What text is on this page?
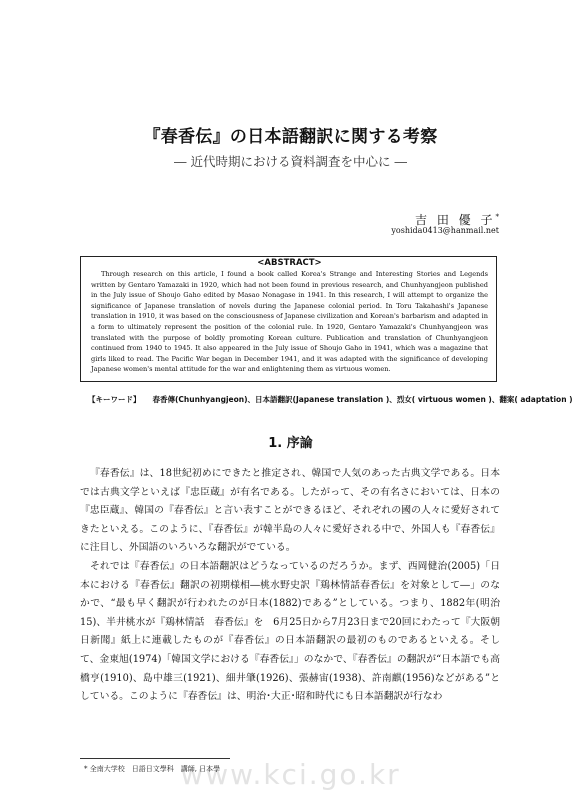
『春香伝』の日本語翻訳に関する考察
― 近代時期における資料調査を中心に ―
吉 田 優 子*
yoshida0413@hanmail.net
<ABSTRACT>

Through research on this article, I found a book called Korea's Strange and Interesting Stories and Legends written by Gentaro Yamazaki in 1920, which had not been found in previous research, and Chunhyangjeon published in the July issue of Shoujo Gaho edited by Masao Nonagase in 1941. In this research, I will attempt to organize the significance of Japanese translation of novels during the Japanese colonial period. In Toru Takahashi's Japanese translation in 1910, it was based on the consciousness of Japanese civilization and Korean's barbarism and adapted in a form to ultimately represent the position of the colonial rule. In 1920, Gentaro Yamazaki's Chunhyangjeon was translated with the purpose of boldly promoting Korean culture. Publication and translation of Chunhyangjeon continued from 1940 to 1945. It also appeared in the July issue of Shoujo Gaho in 1941, which was a magazine that girls liked to read. The Pacific War began in December 1941, and it was adapted with the significance of developing Japanese women's mental attitude for the war and enlightening them as virtuous women.

【キーワード】 春香傳(Chunhyangjeon)、日本語翻訳(Japanese translation )、烈女( virtuous women )、翻案( adaptation )
1. 序論

『春香伝』は、18世紀初めにできたと推定され、韓国で人気のあった古典文学である。日本では古典文学といえば『忠臣蔵』が有名である。したがって、その有名さにおいては、日本の『忠臣蔵』、韓国の『春香伝』と言い表すことができるほど、それぞれの國の人々に愛好されてきたといえる。このように、『春香伝』が韓半島の人々に愛好される中で、外国人も『春香伝』に注目し、外国語のいろいろな翻訳がでている。

それでは『春香伝』の日本語翻訳はどうなっているのだろうか。まず、西岡健治(2005)「日本における『春香伝』翻訳の初期様相―桃水野史訳『鶏林情話春香伝』を対象として―」のなかで、“最も早く翻訳が行われたのが日本(1882)である”としている。つまり、1882年(明治15)、半井桃水が『鶏林情話　春香伝』を　6月25日から7月23日まで20回にわたって『大阪朝日新聞』紙上に連載したものが『春香伝』の日本語翻訳の最初のものであるといえる。そして、金東旭(1974)「韓国文学における『春香伝』」のなかで、『春香伝』の翻訳が“日本語でも高橋亨(1910)、島中雄三(1921)、細井肇(1926)、張赫宙(1938)、許南麒(1956)などがある”としている。このように『春香伝』は、明治･大正･昭和時代にも日本語翻訳が行なわ

www.kci.go.kr
* 全南大学校　日語日文學科　講師, 日本學
